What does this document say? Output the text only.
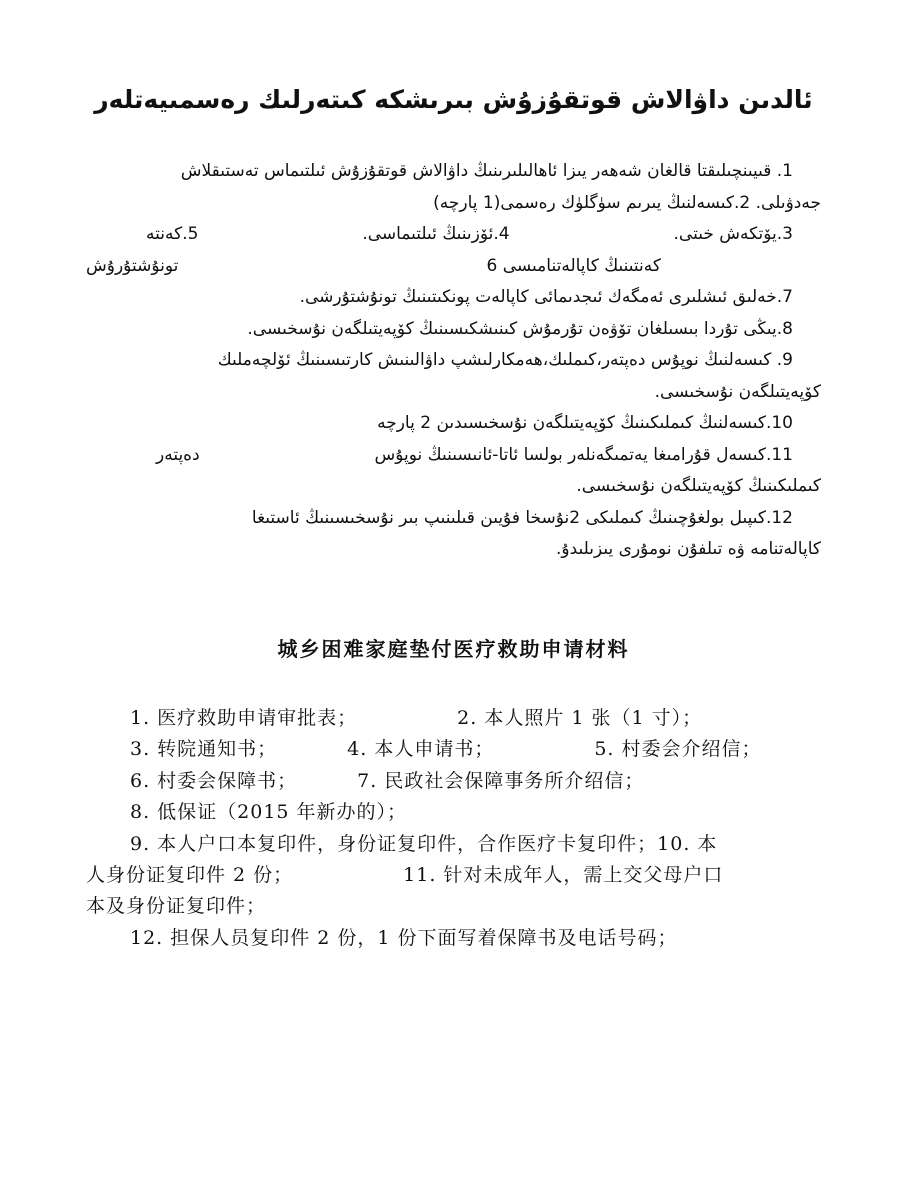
ئالدىن داۋالاش قوتقۇزۇش بىرىشكە كىتەرلىك رەسمىيەتلەر
1. قىيىنچىلىقتا قالغان شەھەر يىزا ئاھالىلىرىنىڭ داۋالاش قوتقۇزۇش ئىلتىماس تەستىقلاش
جەدۋىلى. 2.كىسەلنىڭ يىرىم سۈگلۈك رەسمى(1 پارچە)
3.يۆتكەش خىتى.
4.ئۆزىنىڭ ئىلتىماسى.
5.كەنتە
كەنتىنىڭ كاپالەتنامىسى 6
تونۇشتۇرۇش
7.خەلىق ئىشلىرى ئەمگەك ئىجدىمائى كاپالەت پونكىتىنىڭ تونۇشتۇرشى.
8.يىڭى تۇردا بىسىلغان تۆۋەن تۇرمۇش كىنىشكىسىنىڭ كۆپەيتىلگەن نۇسخىسى.
9. كىسەلنىڭ نوپۇس دەپتەر،كىملىك،ھەمكارلىشپ داۋالىنىش كارتىسىنىڭ ئۆلچەملىك
كۆپەيتىلگەن نۇسخىسى.
10.كىسەلنىڭ كىملىكىنىڭ كۆپەيتىلگەن نۇسخىسىدىن 2 پارچە
11.كىسەل قۇرامىغا يەتمىگەنلەر بولسا ئاتا-ئانىسىنىڭ نوپۇس
دەپتەر
كىملىكىنىڭ كۆپەيتىلگەن نۇسخىسى.
12.كىپىل بولغۇچىنىڭ كىملىكى 2نۇسخا فۇيىن قىلىنىپ بىر نۇسخىسىنىڭ ئاستىغا
كاپالەتنامە ۋە تىلفۇن نومۇرى يىزىلىدۇ.
城乡困难家庭垫付医疗救助申请材料
1. 医疗救助申请审批表；	2. 本人照片 1 张（1 寸）；
3. 转院通知书；	4. 本人申请书；	5. 村委会介绍信；
6. 村委会保障书；	7. 民政社会保障事务所介绍信；
8. 低保证（2015 年新办的）；
9. 本人户口本复印件，身份证复印件，合作医疗卡复印件；10. 本
人身份证复印件 2 份；	11. 针对未成年人，需上交父母户口
本及身份证复印件；
12. 担保人员复印件 2 份，1 份下面写着保障书及电话号码；
